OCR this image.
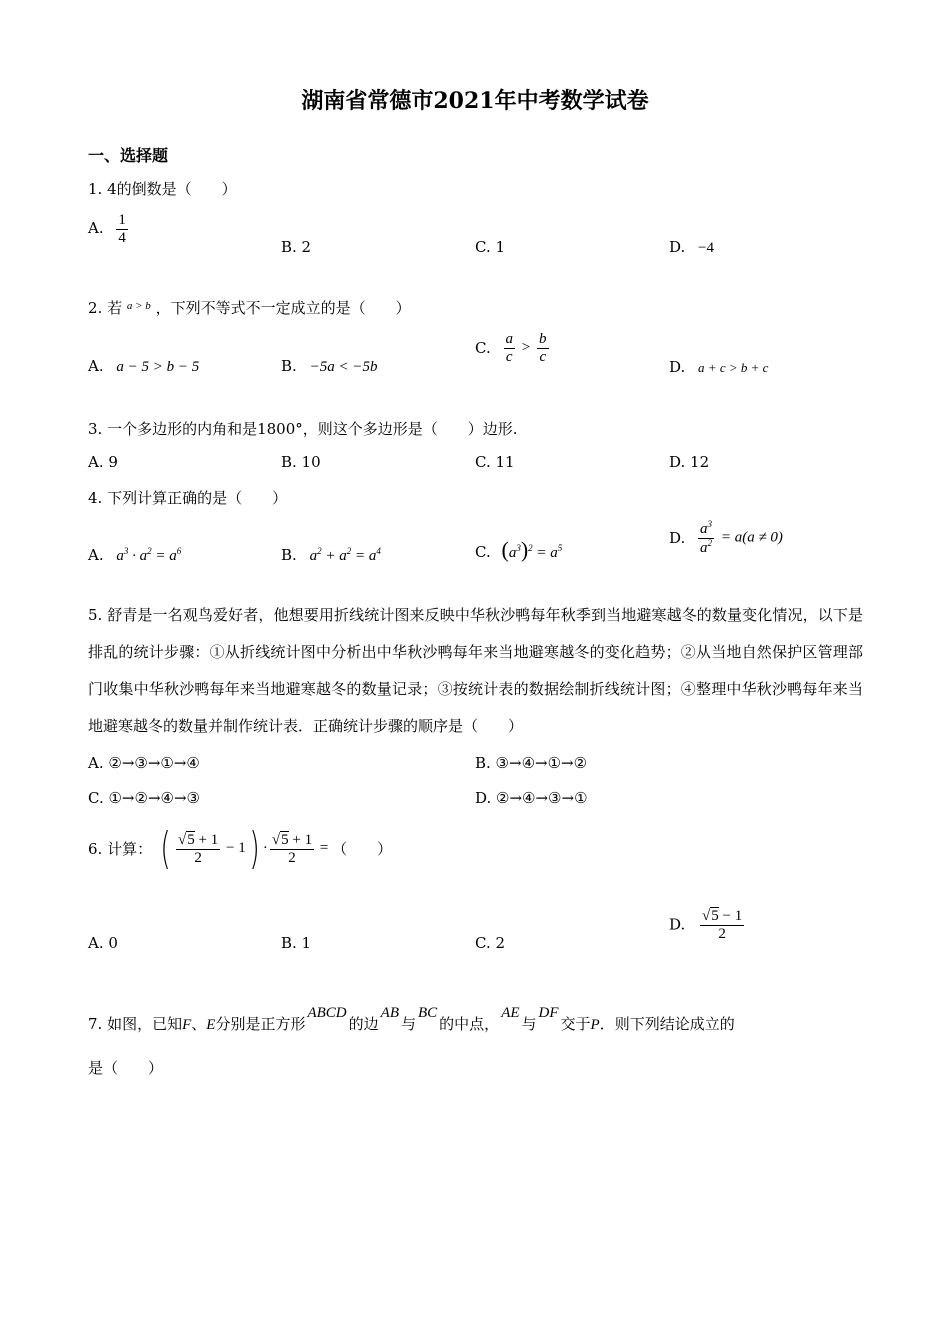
湖南省常德市2021年中考数学试卷
一、选择题
1. 4的倒数是（　　）
A. $\frac{1}{4}$
B. 2	C. 1	D. −4
2. 若 $^{a > b}$ ，下列不等式不一定成立的是（　　）
A. a − 5 > b − 5	B. −5a < −5b
C. $\frac{a}{c} > \frac{b}{c}$
D. a + c > b + c
3. 一个多边形的内角和是1800°，则这个多边形是（　　）边形.
A. 9	B. 10	C. 11	D. 12
4. 下列计算正确的是（　　）
A. $a^3 \cdot a^2 = a^6$	B. $a^2 + a^2 = a^4$	C. $(a^3)^2 = a^5$
D. $\frac{a^3}{a^2} = a(a \ne 0)$
5. 舒青是一名观鸟爱好者，他想要用折线统计图来反映中华秋沙鸭每年秋季到当地避寒越冬的数量变化情况，以下是排乱的统计步骤：①从折线统计图中分析出中华秋沙鸭每年来当地避寒越冬的变化趋势；②从当地自然保护区管理部门收集中华秋沙鸭每年来当地避寒越冬的数量记录；③按统计表的数据绘制折线统计图；④整理中华秋沙鸭每年来当地避寒越冬的数量并制作统计表．正确统计步骤的顺序是（　　）
A. ②→③→①→④	B. ③→④→①→②
C. ①→②→④→③	D. ②→④→③→①
6. 计算： ( $\frac{√5 + 1}{2} - 1) \cdot \frac{√5 + 1}{2}$ = （　　）
A. 0	B. 1	C. 2
D. $\frac{√5 - 1}{2}$
7. 如图，已知F、E分别是正方形ABCD的边AB与BC的中点，AE与DF交于P．则下列结论成立的
是（　　）
